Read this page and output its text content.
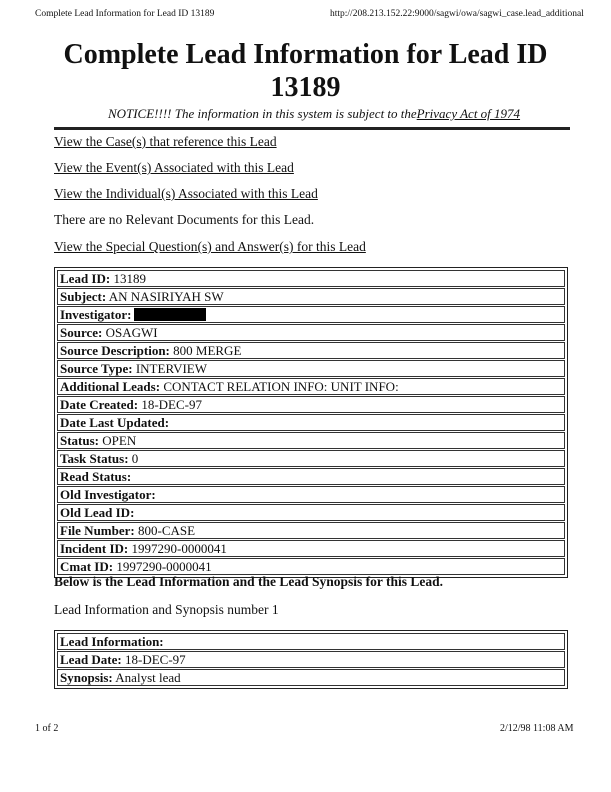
Complete Lead Information for Lead ID 13189	http://208.213.152.22:9000/sagwi/owa/sagwi_case.lead_additional
Complete Lead Information for Lead ID 13189
NOTICE!!!! The information in this system is subject to thePrivacy Act of 1974
View the Case(s) that reference this Lead
View the Event(s) Associated with this Lead
View the Individual(s) Associated with this Lead
There are no Relevant Documents for this Lead.
View the Special Question(s) and Answer(s) for this Lead
Lead ID: 13189
Subject: AN NASIRIYAH SW
Investigator:
Source: OSAGWI
Source Description: 800 MERGE
Source Type: INTERVIEW
Additional Leads: CONTACT RELATION INFO: UNIT INFO:
Date Created: 18-DEC-97
Date Last Updated:
Status: OPEN
Task Status: 0
Read Status:
Old Investigator:
Old Lead ID:
File Number: 800-CASE
Incident ID: 1997290-0000041
Cmat ID: 1997290-0000041
Below is the Lead Information and the Lead Synopsis for this Lead.
Lead Information and Synopsis number 1
Lead Information:
Lead Date: 18-DEC-97
Synopsis: Analyst lead
1 of 2	2/12/98 11:08 AM
